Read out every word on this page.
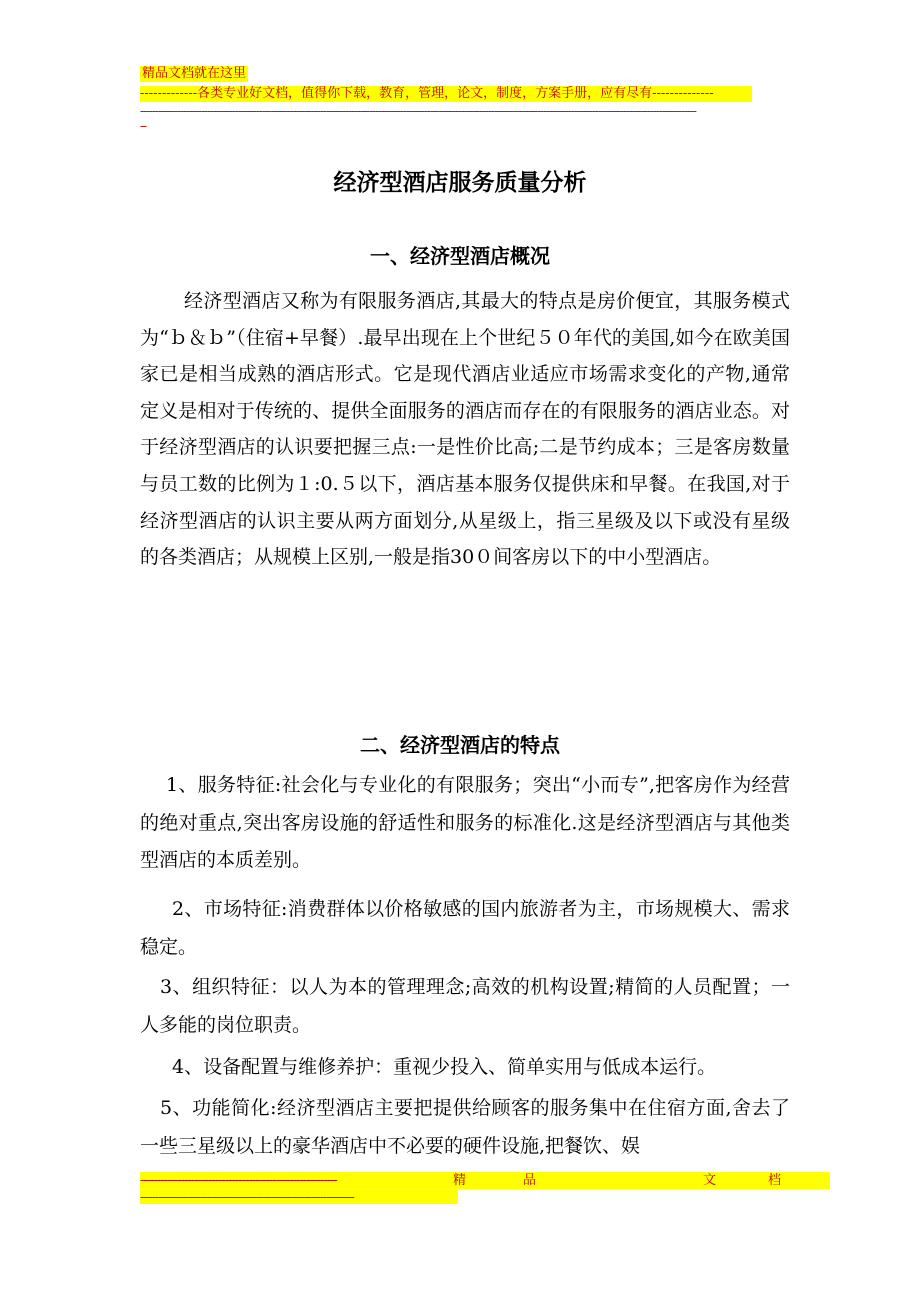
精品文档就在这里
-------------各类专业好文档，值得你下载，教育，管理，论文，制度，方案手册，应有尽有--------------
--------------------------------------------------------------------------------------------------------------------------------------------------------------------------------------
--
经济型酒店服务质量分析
一、经济型酒店概况
经济型酒店又称为有限服务酒店,其最大的特点是房价便宜，其服务模式为“ｂ＆ｂ”（住宿+早餐）.最早出现在上个世纪５０年代的美国,如今在欧美国家已是相当成熟的酒店形式。它是现代酒店业适应市场需求变化的产物,通常定义是相对于传统的、提供全面服务的酒店而存在的有限服务的酒店业态。对于经济型酒店的认识要把握三点:一是性价比高;二是节约成本；三是客房数量与员工数的比例为１:0.５以下，酒店基本服务仅提供床和早餐。在我国,对于经济型酒店的认识主要从两方面划分,从星级上，指三星级及以下或没有星级的各类酒店；从规模上区别,一般是指30０间客房以下的中小型酒店。
二、经济型酒店的特点
1、服务特征:社会化与专业化的有限服务；突出“小而专”,把客房作为经营的绝对重点,突出客房设施的舒适性和服务的标准化.这是经济型酒店与其他类型酒店的本质差别。
2、市场特征:消费群体以价格敏感的国内旅游者为主，市场规模大、需求稳定。
3、组织特征：以人为本的管理理念;高效的机构设置;精简的人员配置；一人多能的岗位职责。
4、设备配置与维修养护：重视少投入、简单实用与低成本运行。
5、功能简化:经济型酒店主要把提供给顾客的服务集中在住宿方面,舍去了一些三星级以上的豪华酒店中不必要的硬件设施,把餐饮、娱
----------------------------------------------------------	精	品	文	档
----------------------------------------------------------------------
